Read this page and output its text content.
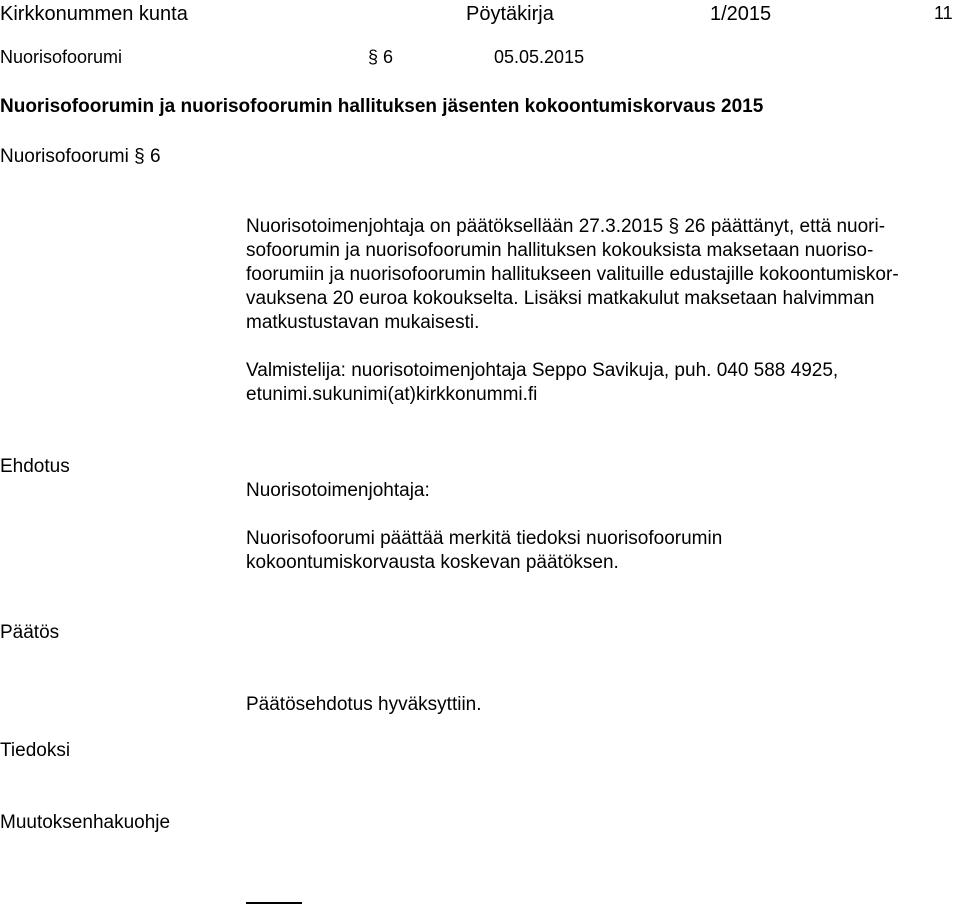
Kirkkonummen kunta	Pöytäkirja	1/2015	11
Nuorisofoorumi	§ 6	05.05.2015
Nuorisofoorumin ja nuorisofoorumin hallituksen jäsenten kokoontumiskorvaus 2015
Nuorisofoorumi § 6
Nuorisotoimenjohtaja on päätöksellään 27.3.2015 § 26 päättänyt, että nuori-
sofoorumin ja nuorisofoorumin hallituksen kokouksista maksetaan nuoriso-
foorumiin ja nuorisofoorumin hallitukseen valituille edustajille kokoontumiskor-
vauksena 20 euroa kokoukselta. Lisäksi matkakulut maksetaan halvimman
matkustustavan mukaisesti.
Valmistelija: nuorisotoimenjohtaja Seppo Savikuja, puh. 040 588 4925,
etunimi.sukunimi(at)kirkkonummi.fi
Ehdotus
Nuorisotoimenjohtaja:
Nuorisofoorumi päättää merkitä tiedoksi nuorisofoorumin
kokoontumiskorvausta koskevan päätöksen.
Päätös
Päätösehdotus hyväksyttiin.
Tiedoksi
Muutoksenhakuohje
